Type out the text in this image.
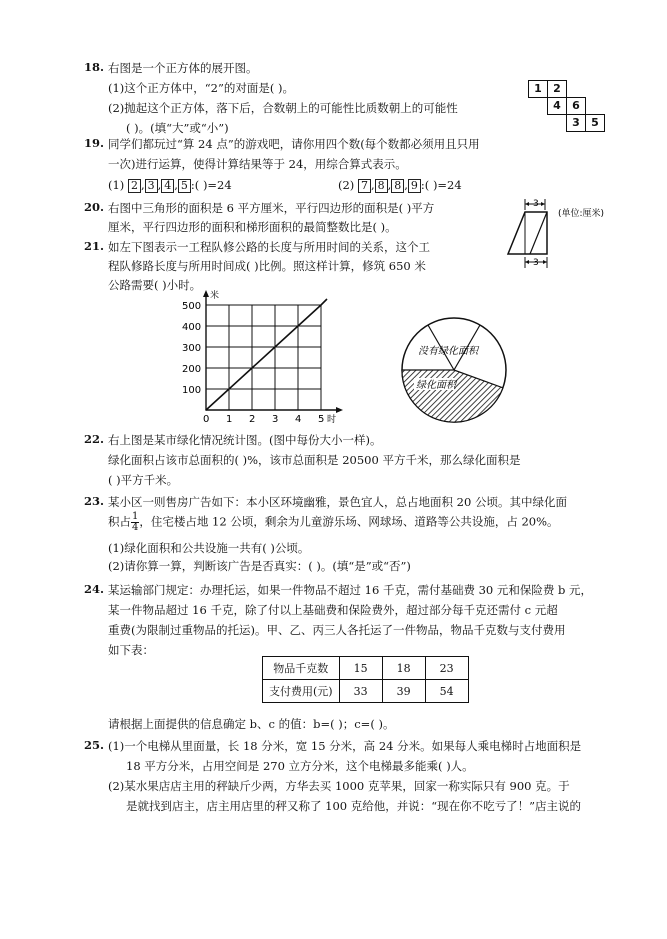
18. 右图是一个正方体的展开图。
(1)这个正方体中，“2”的对面是( )。
(2)抛起这个正方体，落下后，合数朝上的可能性比质数朝上的可能性
( )。(填“大”或“小”)
1	2
4	6
3	5
19. 同学们都玩过“算 24 点”的游戏吧，请你用四个数(每个数都必须用且只用
一次)进行运算，使得计算结果等于 24，用综合算式表示。
(1) 2 , 3 , 4 , 5 :( )=24	(2) 7 , 8 , 8 , 9 :( )=24
20. 右图中三角形的面积是 6 平方厘米，平行四边形的面积是( )平方
厘米，平行四边形的面积和梯形面积的最简整数比是( )。
3
3
(单位:厘米)
21. 如左下图表示一工程队修公路的长度与所用时间的关系，这个工
程队修路长度与所用时间成( )比例。照这样计算，修筑 650 米
公路需要( )小时。
0 1 2 3 4 5
100
200
300
400
500
米
时
没有绿化面积
绿化面积
22. 右上图是某市绿化情况统计图。(图中每份大小一样)。
绿化面积占该市总面积的( )%，该市总面积是 20500 平方千米，那么绿化面积是
( )平方千米。
23. 某小区一则售房广告如下：本小区环境幽雅，景色宜人，总占地面积 20 公顷。其中绿化面
积占 $\frac{1}{4}$ ，住宅楼占地 12 公顷，剩余为儿童游乐场、网球场、道路等公共设施，占 20%。
(1)绿化面积和公共设施一共有( )公顷。
(2)请你算一算，判断该广告是否真实：( )。(填“是”或“否”)
24. 某运输部门规定：办理托运，如果一件物品不超过 16 千克，需付基础费 30 元和保险费 b 元，
某一件物品超过 16 千克，除了付以上基础费和保险费外，超过部分每千克还需付 c 元超
重费(为限制过重物品的托运)。甲、乙、丙三人各托运了一件物品，物品千克数与支付费用
如下表：
物品千克数	15	18	23
支付费用(元)	33	39	54
请根据上面提供的信息确定 b、c 的值：b=( )；c=( )。
25. (1)一个电梯从里面量，长 18 分米，宽 15 分米，高 24 分米。如果每人乘电梯时占地面积是
18 平方分米，占用空间是 270 立方分米，这个电梯最多能乘( )人。
(2)某水果店店主用的秤缺斤少两，方华去买 1000 克苹果，回家一称实际只有 900 克。于
是就找到店主，店主用店里的秤又称了 100 克给他，并说：“现在你不吃亏了！”店主说的
